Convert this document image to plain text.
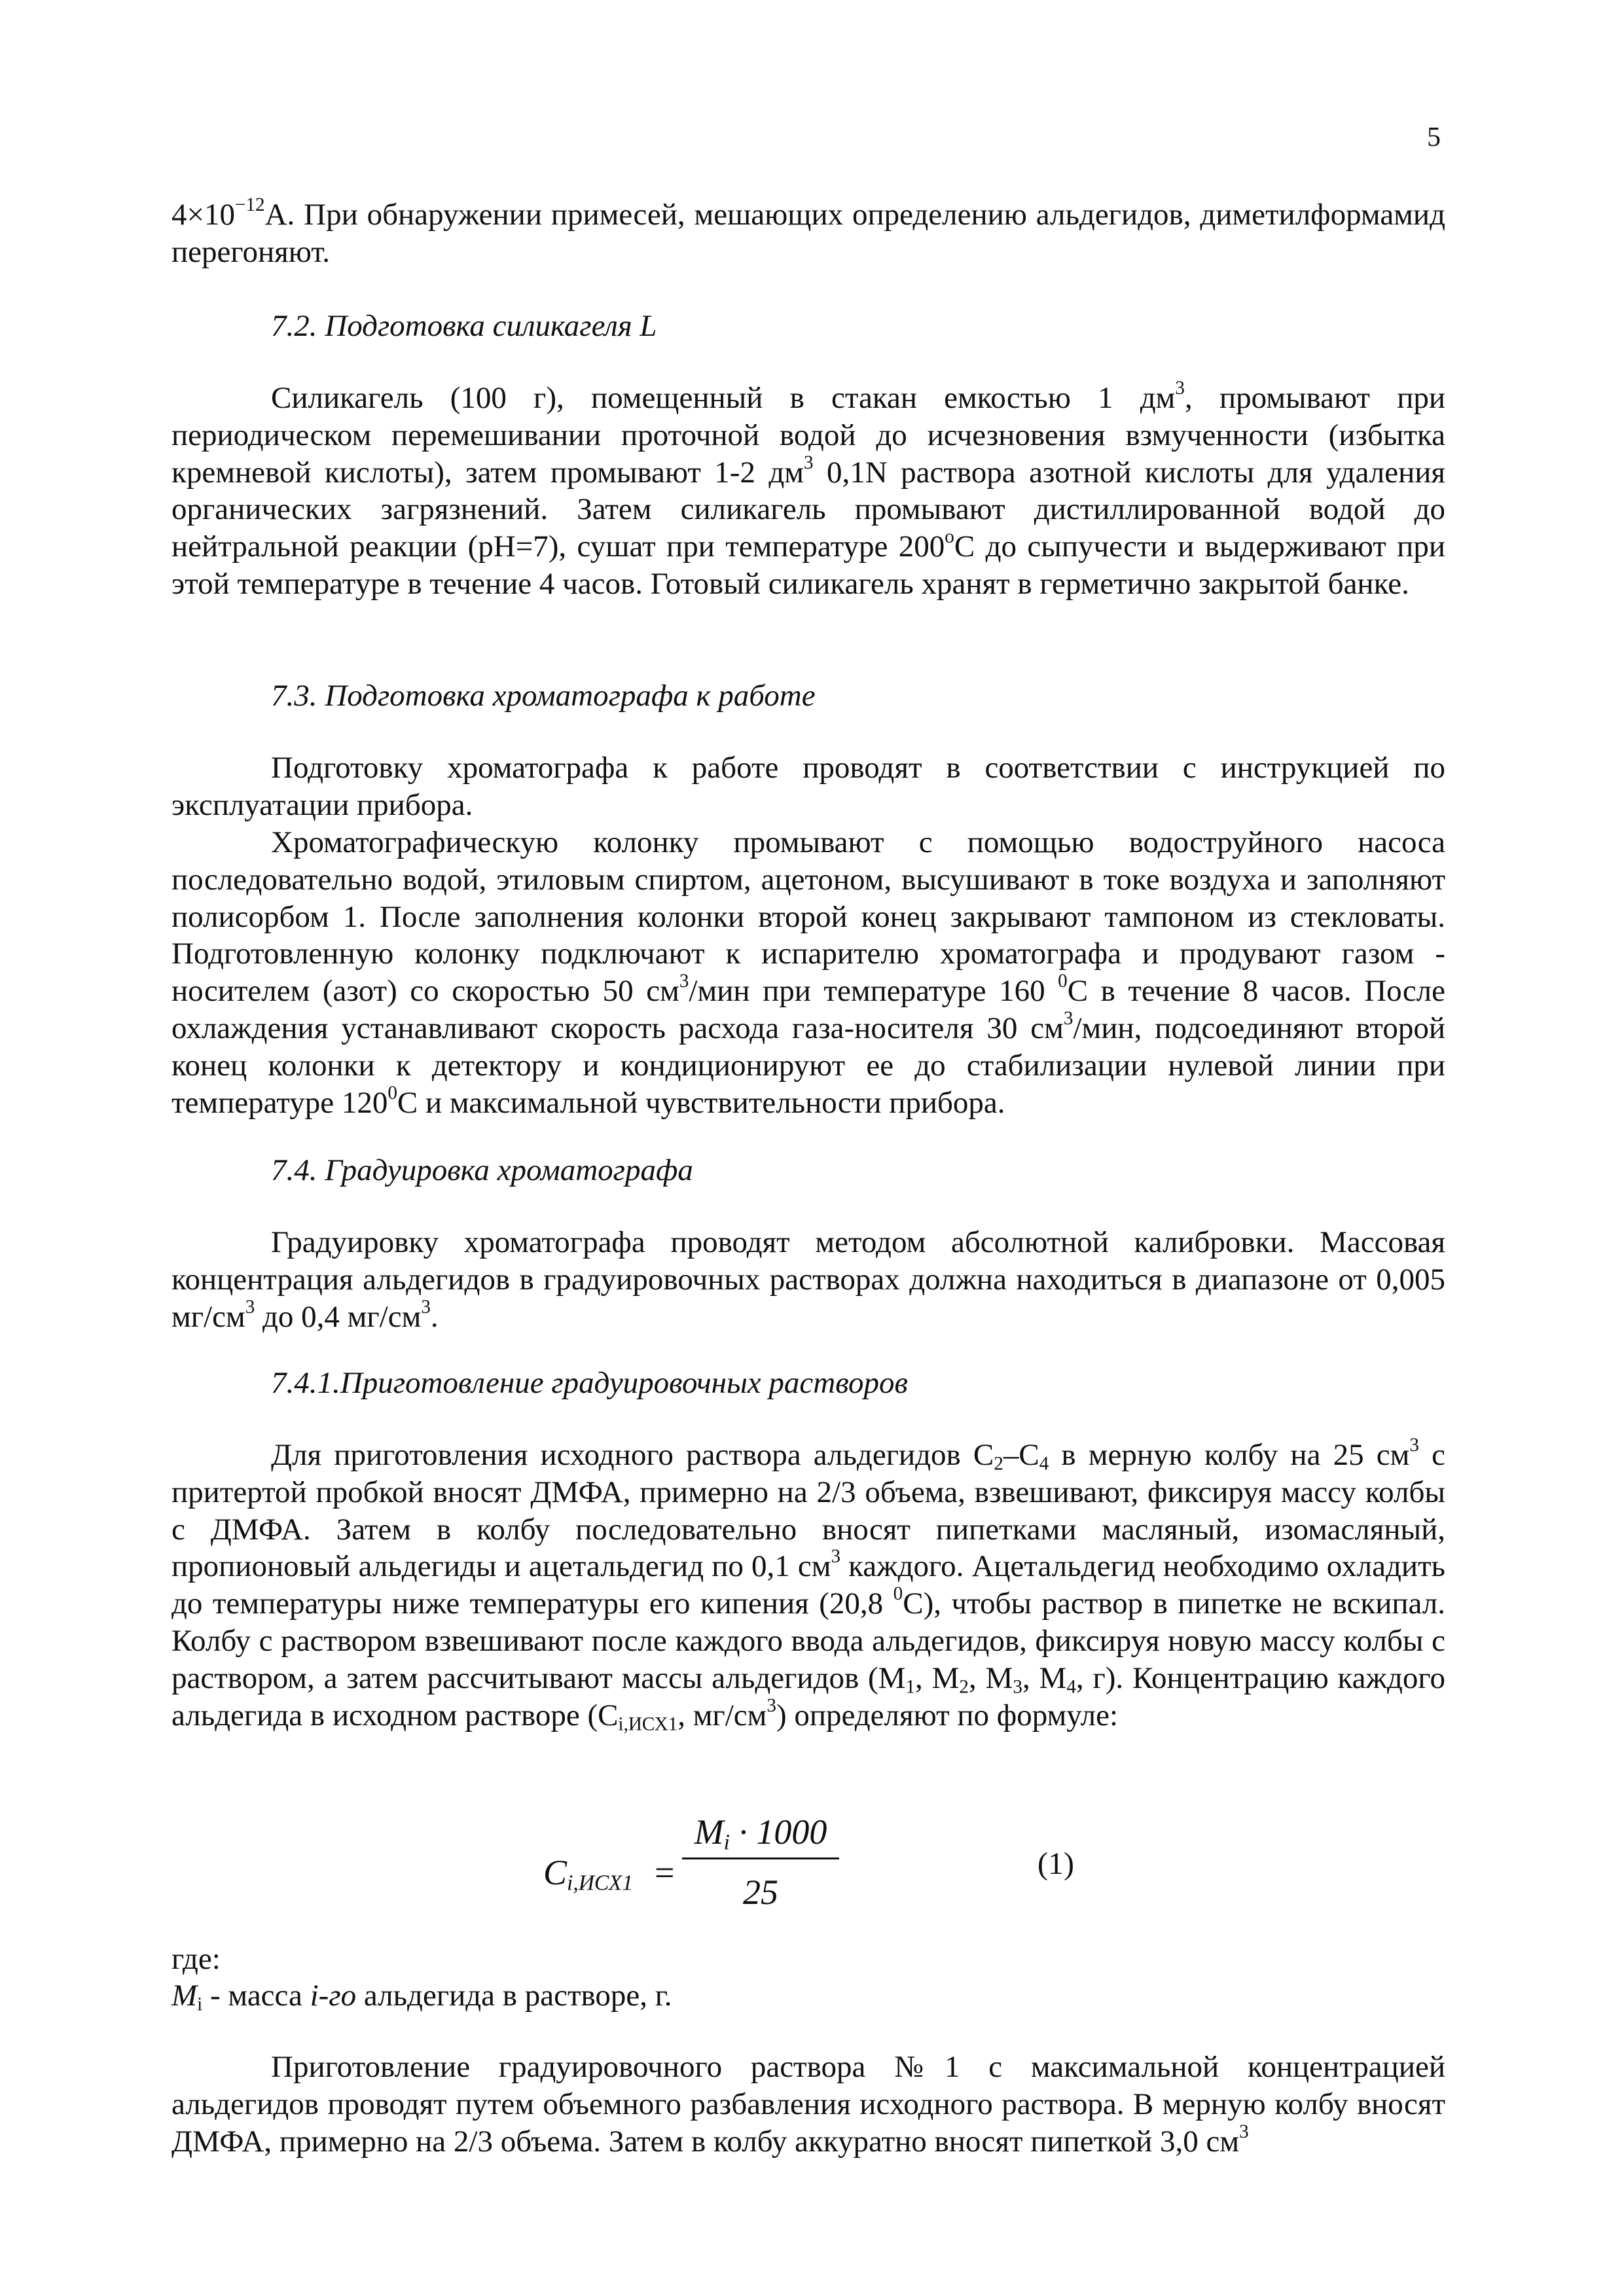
5
$4\times 10^{-12}А$. При обнаружении примесей, мешающих определению альдегидов, диметилформамид перегоняют.
7.2. Подготовка силикагеля L
Силикагель (100 г), помещенный в стакан емкостью 1 $дм^3$, промывают при периодическом перемешивании проточной водой до исчезновения взмученности (избытка кремневой кислоты), затем промывают 1-2 $дм^3$ 0,1N раствора азотной кислоты для удаления органических загрязнений. Затем силикагель промывают дистиллированной водой до нейтральной реакции (рН=7), сушат при температуре $200^оС$ до сыпучести и выдерживают при этой температуре в течение 4 часов. Готовый силикагель хранят в герметично закрытой банке.
7.3. Подготовка хроматографа к работе
Подготовку хроматографа к работе проводят в соответствии с инструкцией по эксплуатации прибора.
Хроматографическую колонку промывают с помощью водоструйного насоса последовательно водой, этиловым спиртом, ацетоном, высушивают в токе воздуха и заполняют полисорбом 1. После заполнения колонки второй конец закрывают тампоном из стекловаты. Подготовленную колонку подключают к испарителю хроматографа и продувают газом - носителем (азот) со скоростью 50 $см^3$/мин при температуре 160 $^0$С в течение 8 часов. После охлаждения устанавливают скорость расхода газа-носителя 30 $см^3$/мин, подсоединяют второй конец колонки к детектору и кондиционируют ее до стабилизации нулевой линии при температуре $120^0С$ и максимальной чувствительности прибора.
7.4. Градуировка хроматографа
Градуировку хроматографа проводят методом абсолютной калибровки. Массовая концентрация альдегидов в градуировочных растворах должна находиться в диапазоне от 0,005 $мг/см^3$ до 0,4 $мг/см^3$.
7.4.1.Приготовление градуировочных растворов
Для приготовления исходного раствора альдегидов $С_2-С_4$ в мерную колбу на 25 $см^3$ с притертой пробкой вносят ДМФА, примерно на 2/3 объема, взвешивают, фиксируя массу колбы с ДМФА. Затем в колбу последовательно вносят пипетками масляный, изомасляный, пропионовый альдегиды и ацетальдегид по 0,1 $см^3$ каждого. Ацетальдегид необходимо охладить до температуры ниже температуры его кипения (20,8 $^0$С), чтобы раствор в пипетке не вскипал. Колбу с раствором взвешивают после каждого ввода альдегидов, фиксируя новую массу колбы с раствором, а затем рассчитывают массы альдегидов ($М_1$, $М_2$, $М_3$, $М_4$, г). Концентрацию каждого альдегида в исходном растворе ($С_{i,ИСХ1}$, $мг/см^3$) определяют по формуле:
$C_{i,ИСХ1}$ =
$M_i \cdot 1000$
25
(1)
где:
$M_i$ - масса i-го альдегида в растворе, г.
Приготовление градуировочного раствора №1 с максимальной концентрацией альдегидов проводят путем объемного разбавления исходного раствора. В мерную колбу вносят ДМФА, примерно на 2/3 объема. Затем в колбу аккуратно вносят пипеткой 3,0 $см^3$
